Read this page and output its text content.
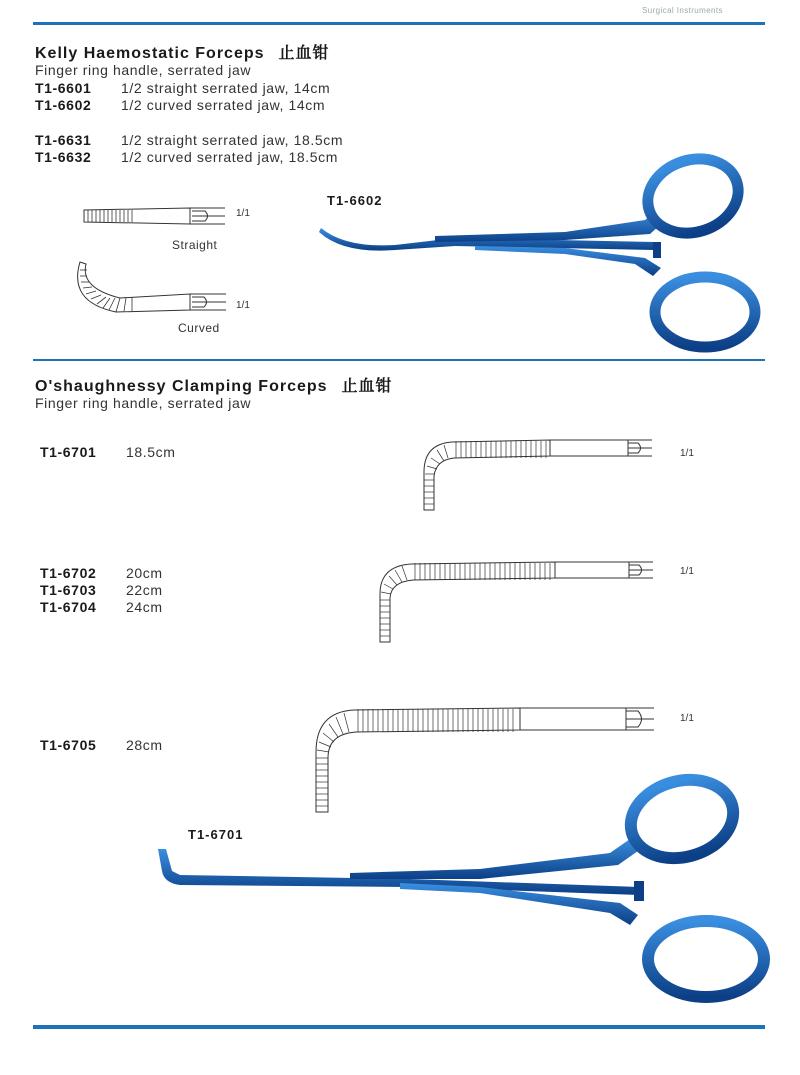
Surgical Instruments
Kelly Haemostatic Forceps 止血钳
Finger ring handle, serrated jaw
T1-6601 1/2 straight serrated jaw, 14cm
T1-6602 1/2 curved serrated jaw, 14cm
T1-6631 1/2 straight serrated jaw, 18.5cm
T1-6632 1/2 curved serrated jaw, 18.5cm
1/1
Straight
1/1
Curved
T1-6602
O'shaughnessy Clamping Forceps 止血钳
Finger ring handle, serrated jaw
T1-6701 18.5cm
T1-6702 20cm
T1-6703 22cm
T1-6704 24cm
T1-6705 28cm
1/1
1/1
1/1
T1-6701
